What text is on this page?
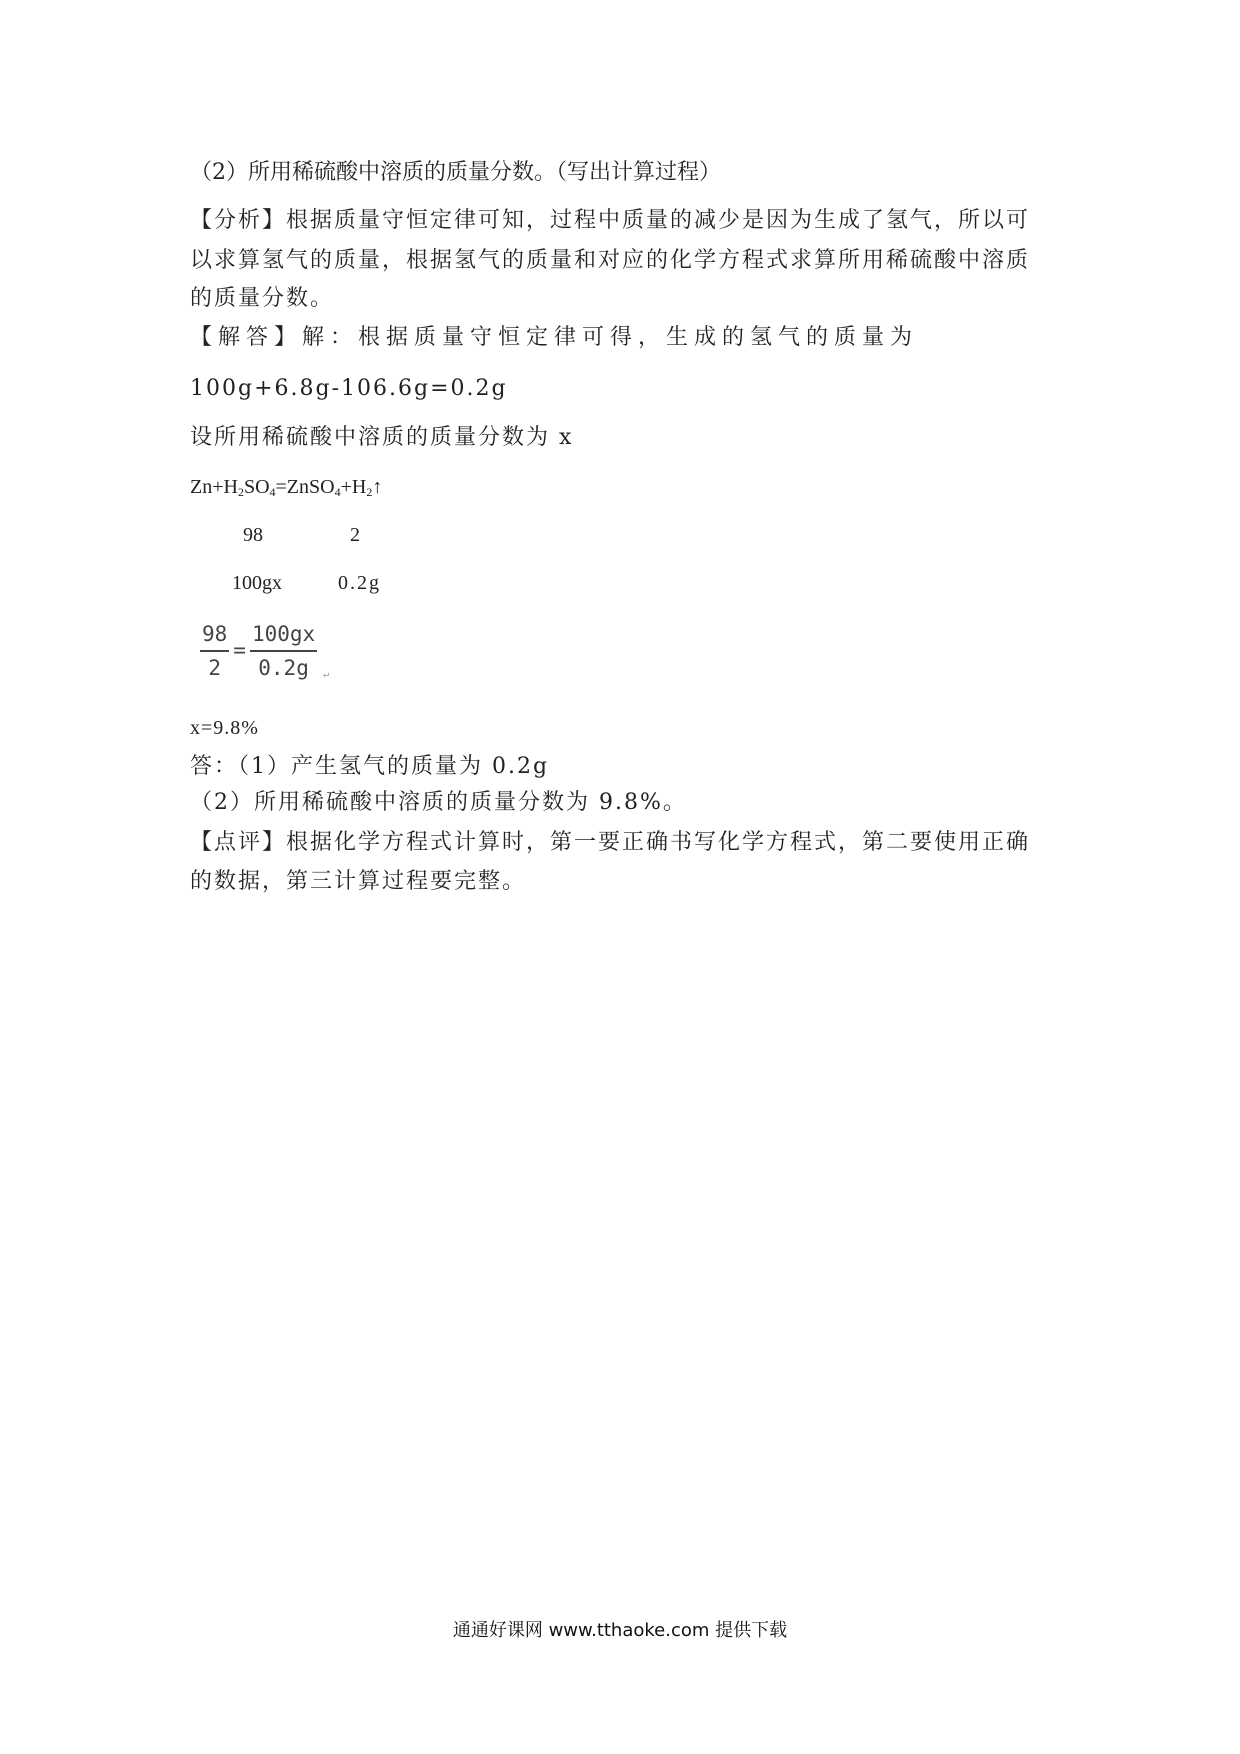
（2）所用稀硫酸中溶质的质量分数。（写出计算过程）
【分析】根据质量守恒定律可知，过程中质量的减少是因为生成了氢气，所以可
以求算氢气的质量，根据氢气的质量和对应的化学方程式求算所用稀硫酸中溶质
的质量分数。
【解答】解：根据质量守恒定律可得，生成的氢气的质量为
100g+6.8g-106.6g=0.2g
设所用稀硫酸中溶质的质量分数为 x
$Zn+H_2SO_4=ZnSO_4+H_2↑$
98	2
100gx	0.2g
$\frac{98}{2} = \frac{100gx}{0.2g}$ ↵
x=9.8%
答：（1）产生氢气的质量为 0.2g
（2）所用稀硫酸中溶质的质量分数为 9.8%。
【点评】根据化学方程式计算时，第一要正确书写化学方程式，第二要使用正确
的数据，第三计算过程要完整。
通通好课网 www.tthaoke.com 提供下载
